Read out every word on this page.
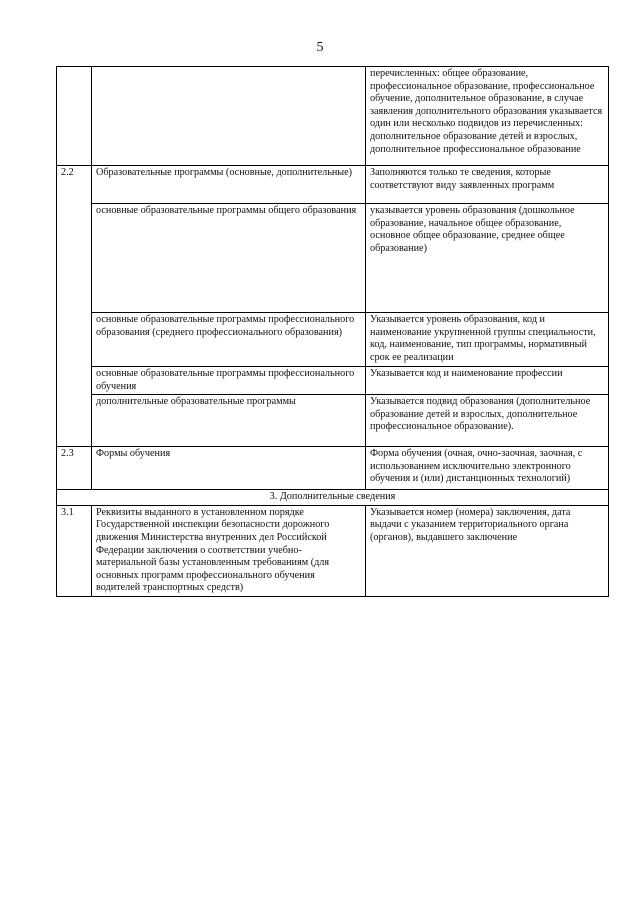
5
		перечисленных: общее образование, профессиональное образование, профессиональное обучение, дополнительное образование, в случае заявления дополнительного образования указывается один или несколько подвидов из перечисленных: дополнительное образование детей и взрослых, дополнительное профессиональное образование
2.2	Образовательные программы (основные, дополнительные)	Заполняются только те сведения, которые соответствуют виду заявленных программ
	основные образовательные программы общего образования	указывается уровень образования (дошкольное образование, начальное общее образование, основное общее образование, среднее общее образование)
	основные образовательные программы профессионального образования (среднего профессионального образования)	Указывается уровень образования, код и наименование укрупненной группы специальности, код, наименование, тип программы, нормативный срок ее реализации
	основные образовательные программы профессионального обучения	Указывается код и наименование профессии
	дополнительные образовательные программы	Указывается подвид образования (дополнительное образование детей и взрослых, дополнительное профессиональное образование).
2.3	Формы обучения	Форма обучения (очная, очно-заочная, заочная, с использованием исключительно электронного обучения и (или) дистанционных технологий)
3. Дополнительные сведения		
3.1	Реквизиты выданного в установленном порядке Государственной инспекции безопасности дорожного движения Министерства внутренних дел Российской Федерации заключения о соответствии учебно-материальной базы установленным требованиям (для основных программ профессионального обучения водителей транспортных средств)	Указывается номер (номера) заключения, дата выдачи с указанием территориального органа (органов), выдавшего заключение
